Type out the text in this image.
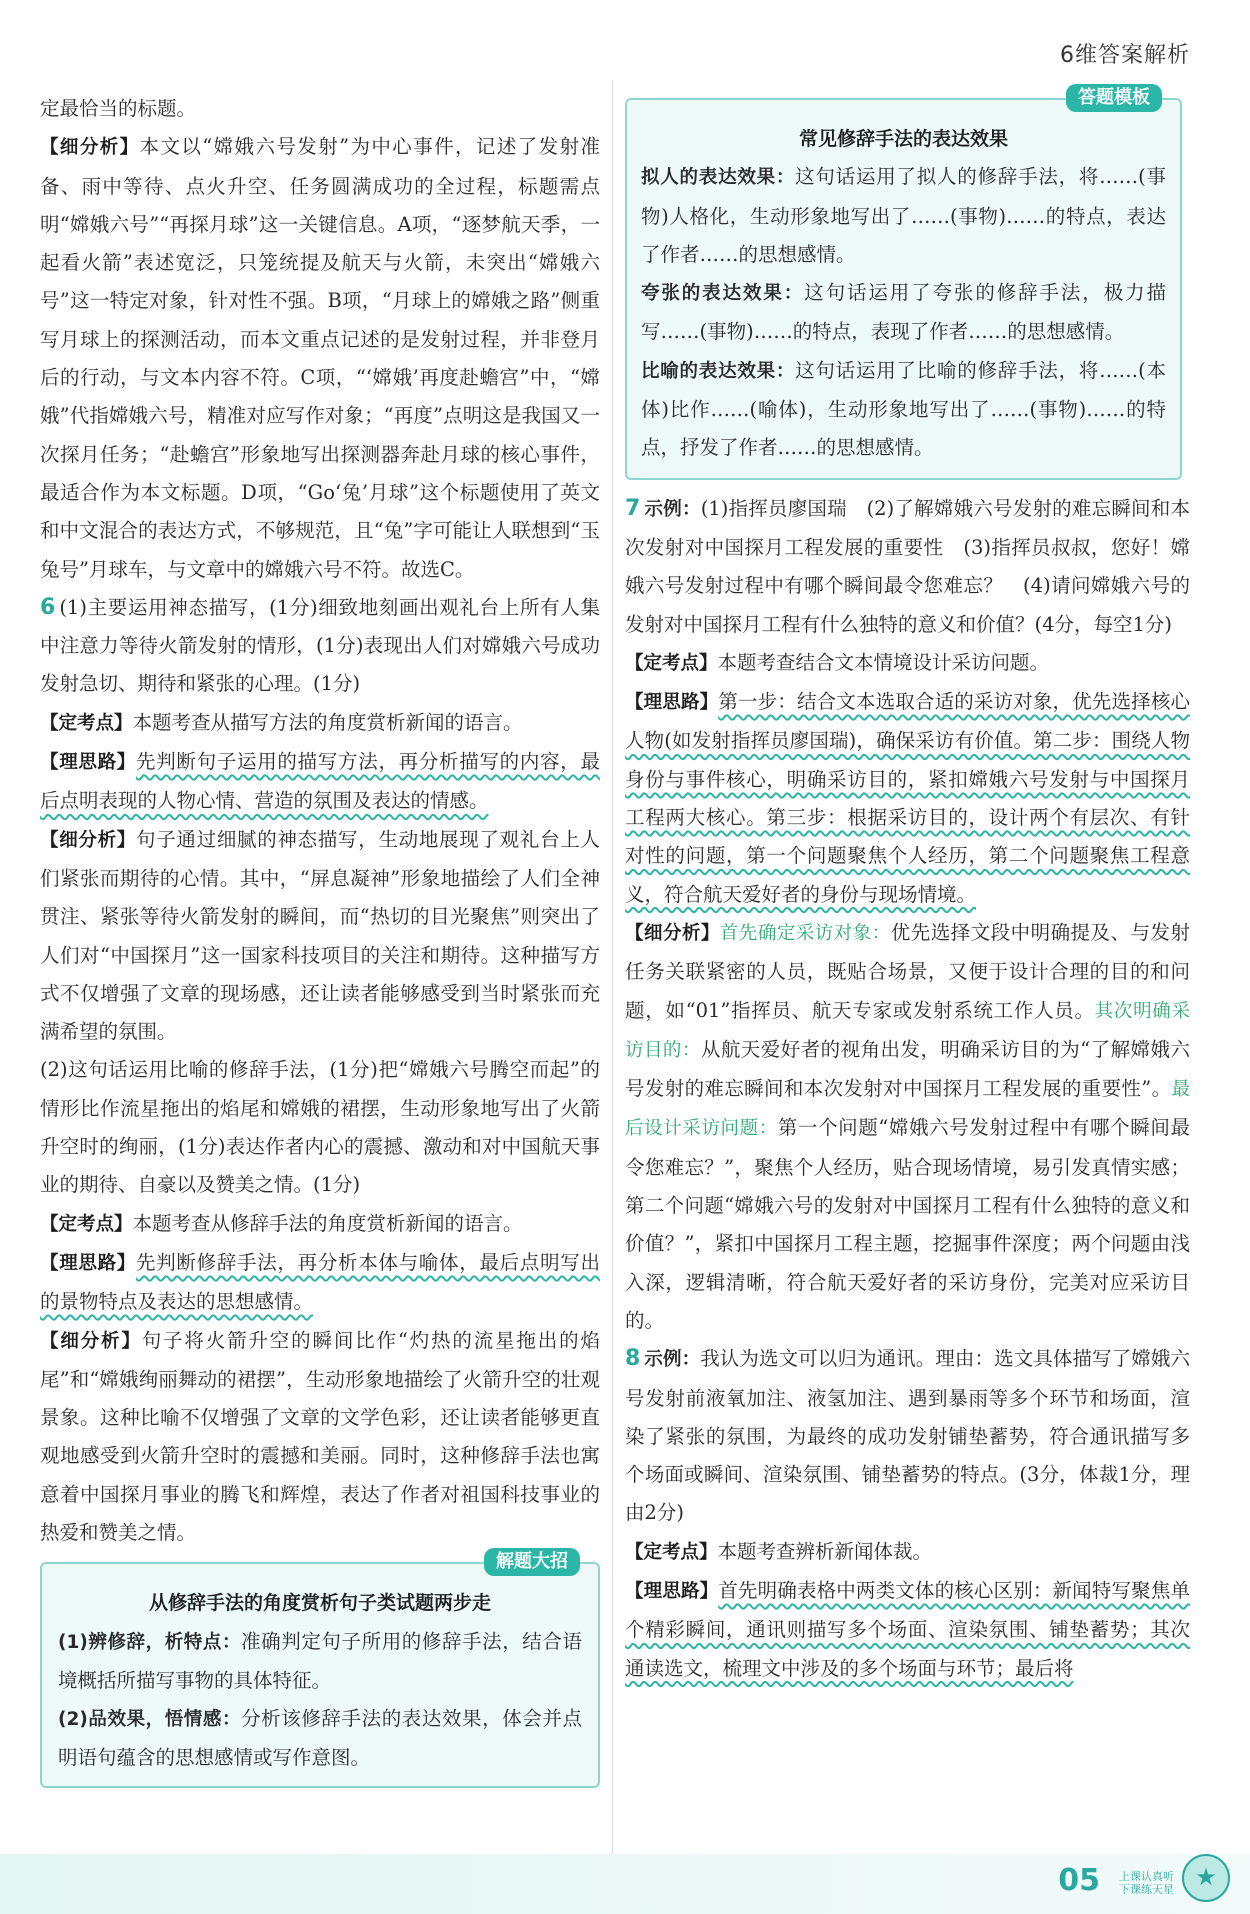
6维答案解析

定最恰当的标题。

【细分析】本文以“嫦娥六号发射”为中心事件，记述了发射准备、雨中等待、点火升空、任务圆满成功的全过程，标题需点明“嫦娥六号”“再探月球”这一关键信息。A项，“逐梦航天季，一起看火箭”表述宽泛，只笼统提及航天与火箭，未突出“嫦娥六号”这一特定对象，针对性不强。B项，“月球上的嫦娥之路”侧重写月球上的探测活动，而本文重点记述的是发射过程，并非登月后的行动，与文本内容不符。C项，“‘嫦娥’再度赴蟾宫”中，“嫦娥”代指嫦娥六号，精准对应写作对象；“再度”点明这是我国又一次探月任务；“赴蟾宫”形象地写出探测器奔赴月球的核心事件，最适合作为本文标题。D项，“Go‘兔’月球”这个标题使用了英文和中文混合的表达方式，不够规范，且“兔”字可能让人联想到“玉兔号”月球车，与文章中的嫦娥六号不符。故选C。

6 (1)主要运用神态描写，(1分)细致地刻画出观礼台上所有人集中注意力等待火箭发射的情形，(1分)表现出人们对嫦娥六号成功发射急切、期待和紧张的心理。(1分)

【定考点】本题考查从描写方法的角度赏析新闻的语言。

【理思路】先判断句子运用的描写方法，再分析描写的内容，最后点明表现的人物心情、营造的氛围及表达的情感。

【细分析】句子通过细腻的神态描写，生动地展现了观礼台上人们紧张而期待的心情。其中，“屏息凝神”形象地描绘了人们全神贯注、紧张等待火箭发射的瞬间，而“热切的目光聚焦”则突出了人们对“中国探月”这一国家科技项目的关注和期待。这种描写方式不仅增强了文章的现场感，还让读者能够感受到当时紧张而充满希望的氛围。

(2)这句话运用比喻的修辞手法，(1分)把“嫦娥六号腾空而起”的情形比作流星拖出的焰尾和嫦娥的裙摆，生动形象地写出了火箭升空时的绚丽，(1分)表达作者内心的震撼、激动和对中国航天事业的期待、自豪以及赞美之情。(1分)

【定考点】本题考查从修辞手法的角度赏析新闻的语言。

【理思路】先判断修辞手法，再分析本体与喻体，最后点明写出的景物特点及表达的思想感情。

【细分析】句子将火箭升空的瞬间比作“灼热的流星拖出的焰尾”和“嫦娥绚丽舞动的裙摆”，生动形象地描绘了火箭升空的壮观景象。这种比喻不仅增强了文章的文学色彩，还让读者能够更直观地感受到火箭升空时的震撼和美丽。同时，这种修辞手法也寓意着中国探月事业的腾飞和辉煌，表达了作者对祖国科技事业的热爱和赞美之情。

解题大招
从修辞手法的角度赏析句子类试题两步走

(1)辨修辞，析特点：准确判定句子所用的修辞手法，结合语境概括所描写事物的具体特征。

(2)品效果，悟情感：分析该修辞手法的表达效果，体会并点明语句蕴含的思想感情或写作意图。

答题模板
常见修辞手法的表达效果

拟人的表达效果：这句话运用了拟人的修辞手法，将……(事物)人格化，生动形象地写出了……(事物)……的特点，表达了作者……的思想感情。

夸张的表达效果：这句话运用了夸张的修辞手法，极力描写……(事物)……的特点，表现了作者……的思想感情。

比喻的表达效果：这句话运用了比喻的修辞手法，将……(本体)比作……(喻体)，生动形象地写出了……(事物)……的特点，抒发了作者……的思想感情。

7 示例：(1)指挥员廖国瑞　(2)了解嫦娥六号发射的难忘瞬间和本次发射对中国探月工程发展的重要性　(3)指挥员叔叔，您好！嫦娥六号发射过程中有哪个瞬间最令您难忘？　(4)请问嫦娥六号的发射对中国探月工程有什么独特的意义和价值？(4分，每空1分)

【定考点】本题考查结合文本情境设计采访问题。

【理思路】第一步：结合文本选取合适的采访对象，优先选择核心人物(如发射指挥员廖国瑞)，确保采访有价值。第二步：围绕人物身份与事件核心，明确采访目的，紧扣嫦娥六号发射与中国探月工程两大核心。第三步：根据采访目的，设计两个有层次、有针对性的问题，第一个问题聚焦个人经历，第二个问题聚焦工程意义，符合航天爱好者的身份与现场情境。

【细分析】首先确定采访对象：优先选择文段中明确提及、与发射任务关联紧密的人员，既贴合场景，又便于设计合理的目的和问题，如“01”指挥员、航天专家或发射系统工作人员。其次明确采访目的：从航天爱好者的视角出发，明确采访目的为“了解嫦娥六号发射的难忘瞬间和本次发射对中国探月工程发展的重要性”。最后设计采访问题：第一个问题“嫦娥六号发射过程中有哪个瞬间最令您难忘？”，聚焦个人经历，贴合现场情境，易引发真情实感；第二个问题“嫦娥六号的发射对中国探月工程有什么独特的意义和价值？”，紧扣中国探月工程主题，挖掘事件深度；两个问题由浅入深，逻辑清晰，符合航天爱好者的采访身份，完美对应采访目的。

8 示例：我认为选文可以归为通讯。理由：选文具体描写了嫦娥六号发射前液氧加注、液氢加注、遇到暴雨等多个环节和场面，渲染了紧张的氛围，为最终的成功发射铺垫蓄势，符合通讯描写多个场面或瞬间、渲染氛围、铺垫蓄势的特点。(3分，体裁1分，理由2分)

【定考点】本题考查辨析新闻体裁。

【理思路】首先明确表格中两类文体的核心区别：新闻特写聚焦单个精彩瞬间，通讯则描写多个场面、渲染氛围、铺垫蓄势；其次通读选文，梳理文中涉及的多个场面与环节；最后将

05 上课认真听
下课练天星 ★
